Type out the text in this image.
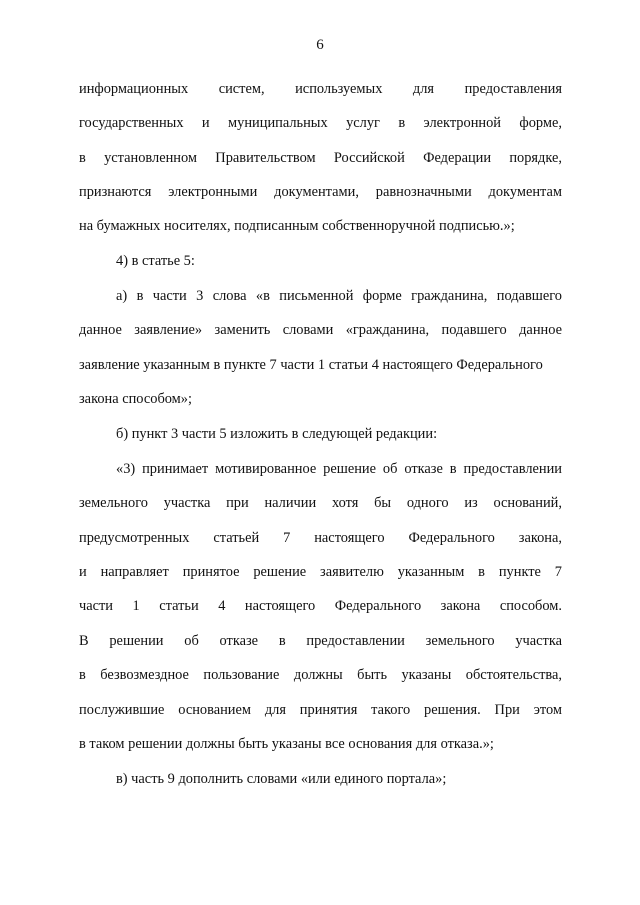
6
информационных систем, используемых для предоставления
государственных и муниципальных услуг в электронной форме,
в установленном Правительством Российской Федерации порядке,
признаются электронными документами, равнозначными документам
на бумажных носителях, подписанным собственноручной подписью.»;
4) в статье 5:
а) в части 3 слова «в письменной форме гражданина, подавшего
данное заявление» заменить словами «гражданина, подавшего данное
заявление указанным в пункте 7 части 1 статьи 4 настоящего Федерального
закона способом»;
б) пункт 3 части 5 изложить в следующей редакции:
«3) принимает мотивированное решение об отказе в предоставлении
земельного участка при наличии хотя бы одного из оснований,
предусмотренных статьей 7 настоящего Федерального закона,
и направляет принятое решение заявителю указанным в пункте 7
части 1 статьи 4 настоящего Федерального закона способом.
В решении об отказе в предоставлении земельного участка
в безвозмездное пользование должны быть указаны обстоятельства,
послужившие основанием для принятия такого решения. При этом
в таком решении должны быть указаны все основания для отказа.»;
в) часть 9 дополнить словами «или единого портала»;
